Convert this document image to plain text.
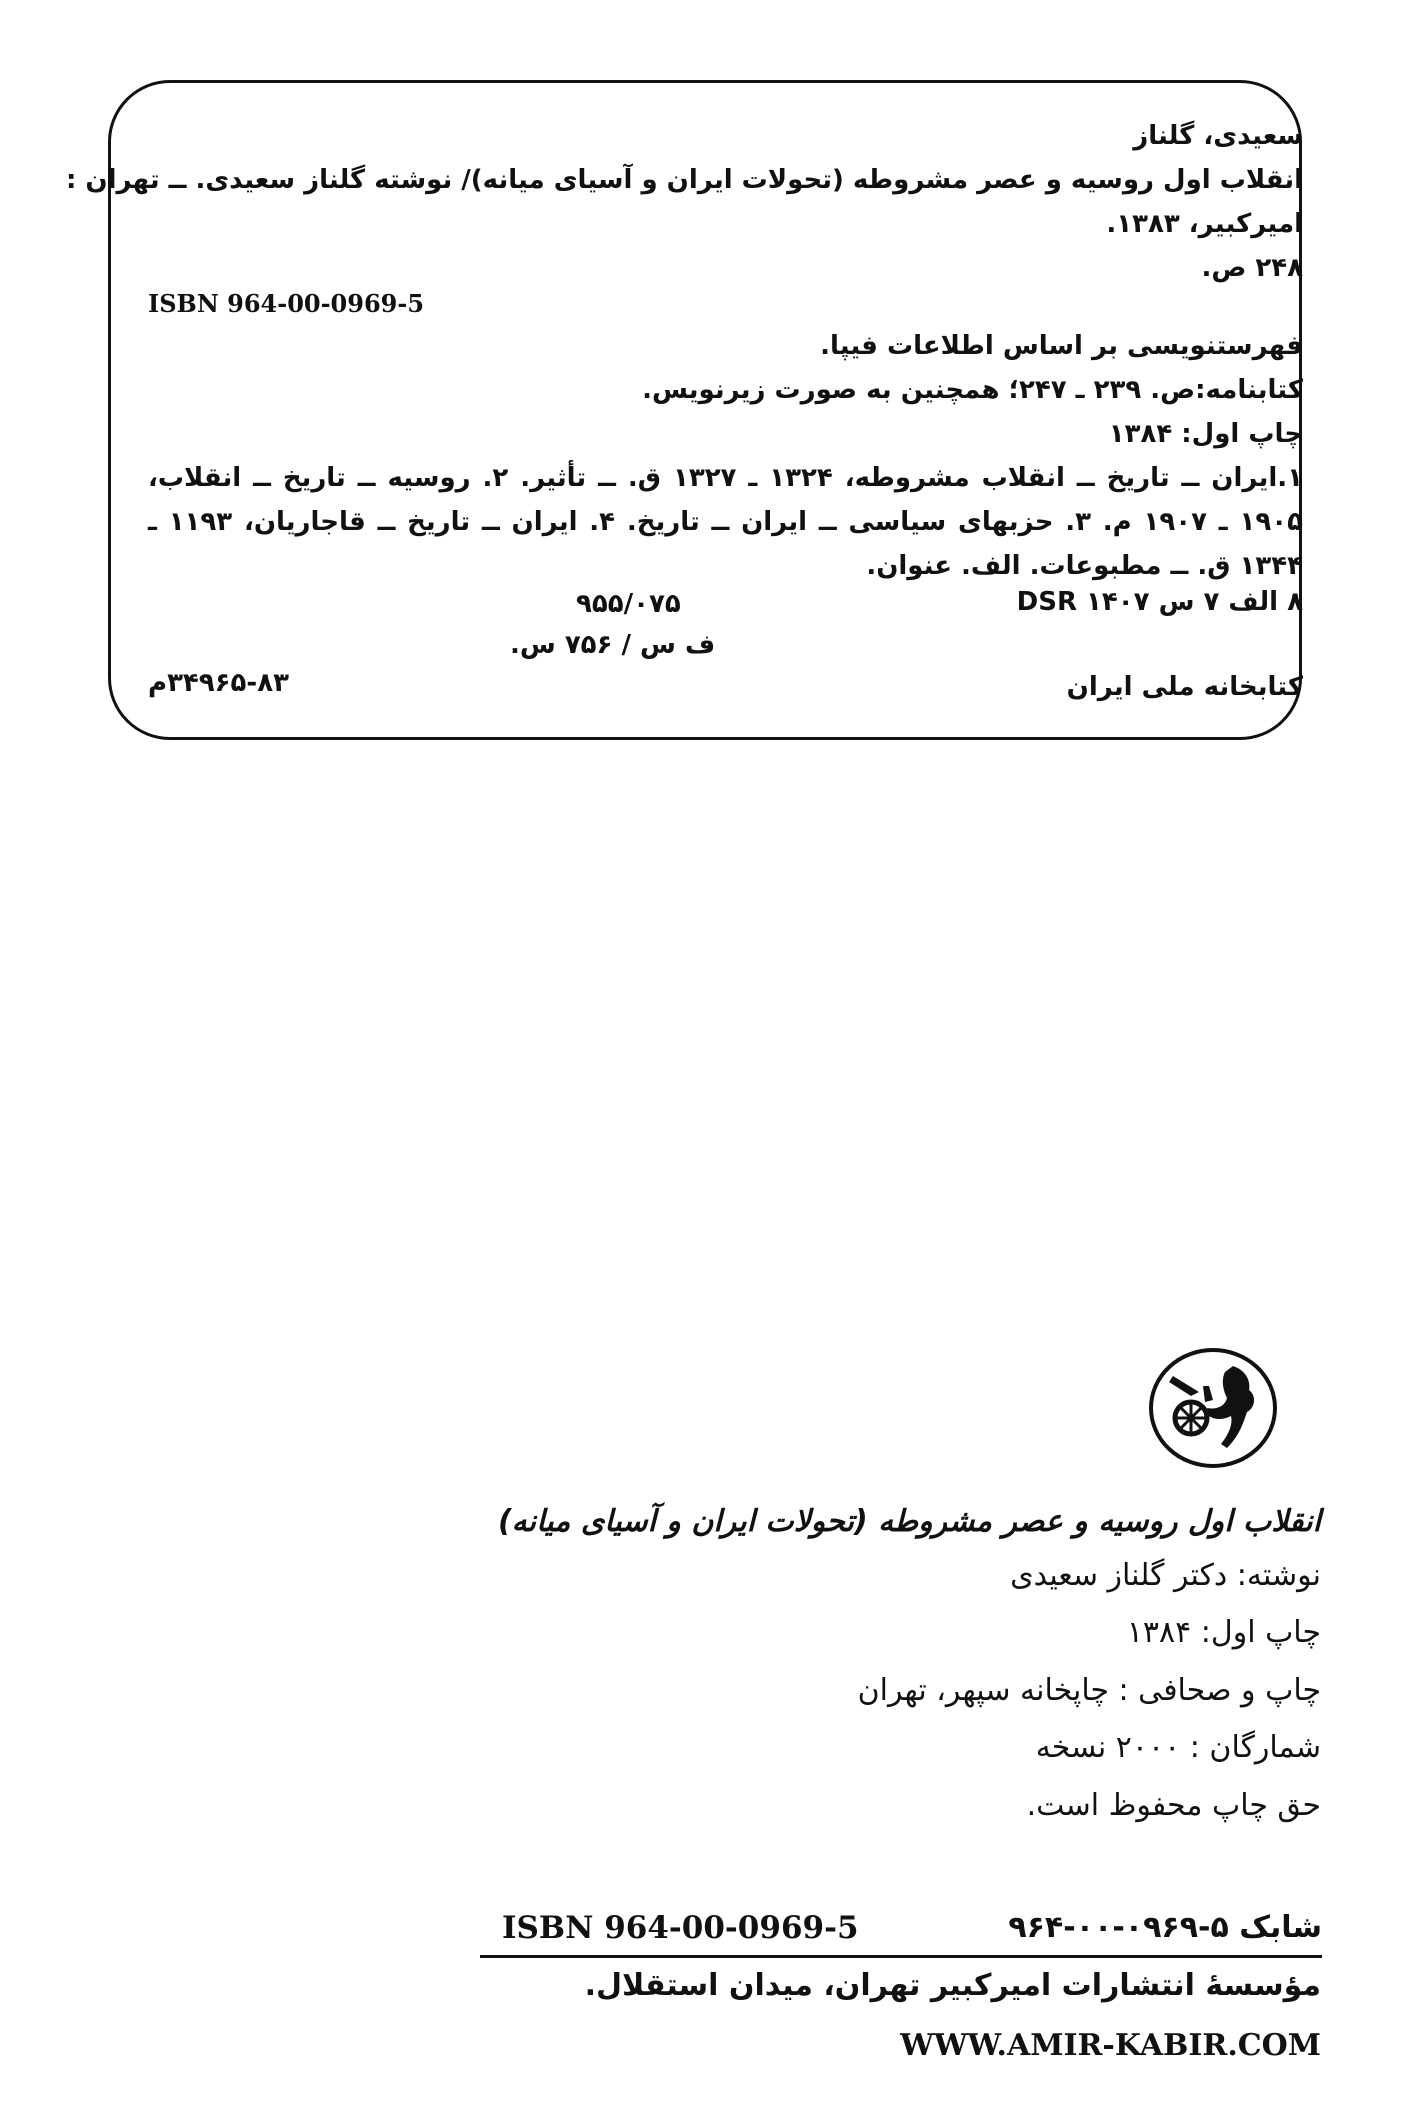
سعیدی، گلناز
انقلاب اول روسیه و عصر مشروطه (تحولات ایران و آسیای میانه)/ نوشته گلناز سعیدی. ــ تهران :
امیرکبیر، ۱۳۸۳.
۲۴۸ ص.
ISBN 964-00-0969-5
فهرستنویسی بر اساس اطلاعات فیپا.
کتابنامه:ص. ۲۳۹ ـ ۲۴۷؛ همچنین به صورت زیرنویس.
چاپ اول: ۱۳۸۴
۱.ایران ــ تاریخ ــ انقلاب مشروطه، ۱۳۲۴ ـ ۱۳۲۷ ق. ــ تأثیر. ۲. روسیه ــ تاریخ ــ انقلاب،
۱۹۰۵ ـ ۱۹۰۷ م. ۳. حزبهای سیاسی ــ ایران ــ تاریخ. ۴. ایران ــ تاریخ ــ قاجاریان، ۱۱۹۳ ـ
۱۳۴۴ ق. ــ مطبوعات. الف. عنوان.
۸ الف ۷ س ۱۴۰۷ DSR
۹۵۵/۰۷۵
ف س / ۷۵۶ س.
کتابخانه ملی ایران
۳۴۹۶۵-۸۳م
انقلاب اول روسیه و عصر مشروطه (تحولات ایران و آسیای میانه)
نوشته: دکتر گلناز سعیدی
چاپ اول: ۱۳۸۴
چاپ و صحافی : چاپخانه سپهر، تهران
شمارگان : ۲۰۰۰ نسخه
حق چاپ محفوظ است.
ISBN 964-00-0969-5	شابک ۵-۰۹۶۹-۰۰-۹۶۴
مؤسسهٔ انتشارات امیرکبیر تهران، میدان استقلال.
WWW.AMIR-KABIR.COM
